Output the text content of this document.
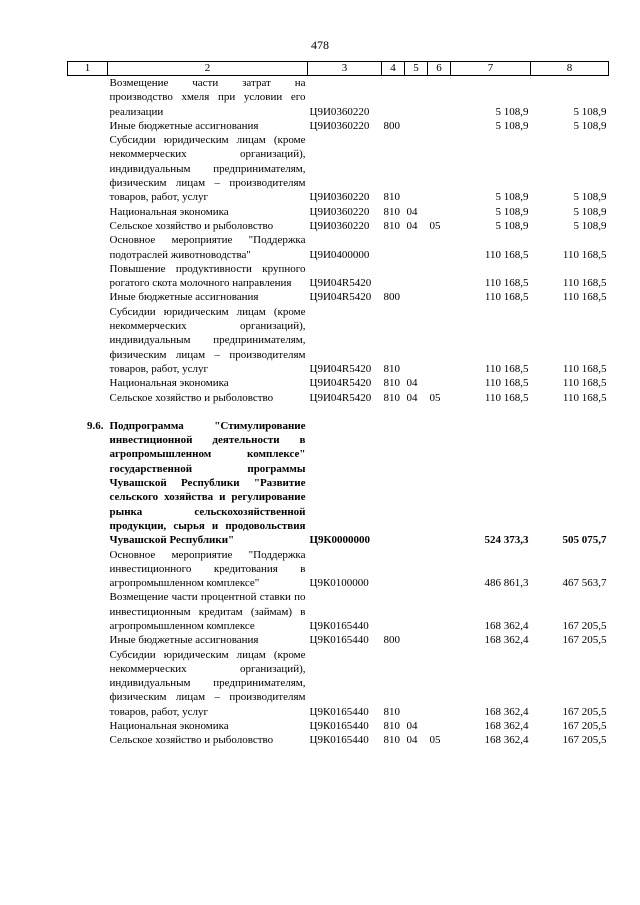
478
1	2	3	4	5	6	7	8
	Возмещение части затрат на производство хмеля при условии его реализации	Ц9И0360220				5 108,9	5 108,9
	Иные бюджетные ассигнования	Ц9И0360220	800			5 108,9	5 108,9
	Субсидии юридическим лицам (кроме некоммерческих организаций), индивидуальным предпринимателям, физическим лицам – производителям товаров, работ, услуг	Ц9И0360220	810			5 108,9	5 108,9
	Национальная экономика	Ц9И0360220	810	04		5 108,9	5 108,9
	Сельское хозяйство и рыболовство	Ц9И0360220	810	04	05	5 108,9	5 108,9
	Основное мероприятие "Поддержка подотраслей животноводства"	Ц9И0400000				110 168,5	110 168,5
	Повышение продуктивности крупного рогатого скота молочного направления	Ц9И04R5420				110 168,5	110 168,5
	Иные бюджетные ассигнования	Ц9И04R5420	800			110 168,5	110 168,5
	Субсидии юридическим лицам (кроме некоммерческих организаций), индивидуальным предпринимателям, физическим лицам – производителям товаров, работ, услуг	Ц9И04R5420	810			110 168,5	110 168,5
	Национальная экономика	Ц9И04R5420	810	04		110 168,5	110 168,5
	Сельское хозяйство и рыболовство	Ц9И04R5420	810	04	05	110 168,5	110 168,5

9.6.	Подпрограмма "Стимулирование инвестиционной деятельности в агропромышленном комплексе" государственной программы Чувашской Республики "Развитие сельского хозяйства и регулирование рынка сельскохозяйственной продукции, сырья и продовольствия Чувашской Республики"	Ц9К0000000				524 373,3	505 075,7
	Основное мероприятие "Поддержка инвестиционного кредитования в агропромышленном комплексе"	Ц9К0100000				486 861,3	467 563,7
	Возмещение части процентной ставки по инвестиционным кредитам (займам) в агропромышленном комплексе	Ц9К0165440				168 362,4	167 205,5
	Иные бюджетные ассигнования	Ц9К0165440	800			168 362,4	167 205,5
	Субсидии юридическим лицам (кроме некоммерческих организаций), индивидуальным предпринимателям, физическим лицам – производителям товаров, работ, услуг	Ц9К0165440	810			168 362,4	167 205,5
	Национальная экономика	Ц9К0165440	810	04		168 362,4	167 205,5
	Сельское хозяйство и рыболовство	Ц9К0165440	810	04	05	168 362,4	167 205,5
